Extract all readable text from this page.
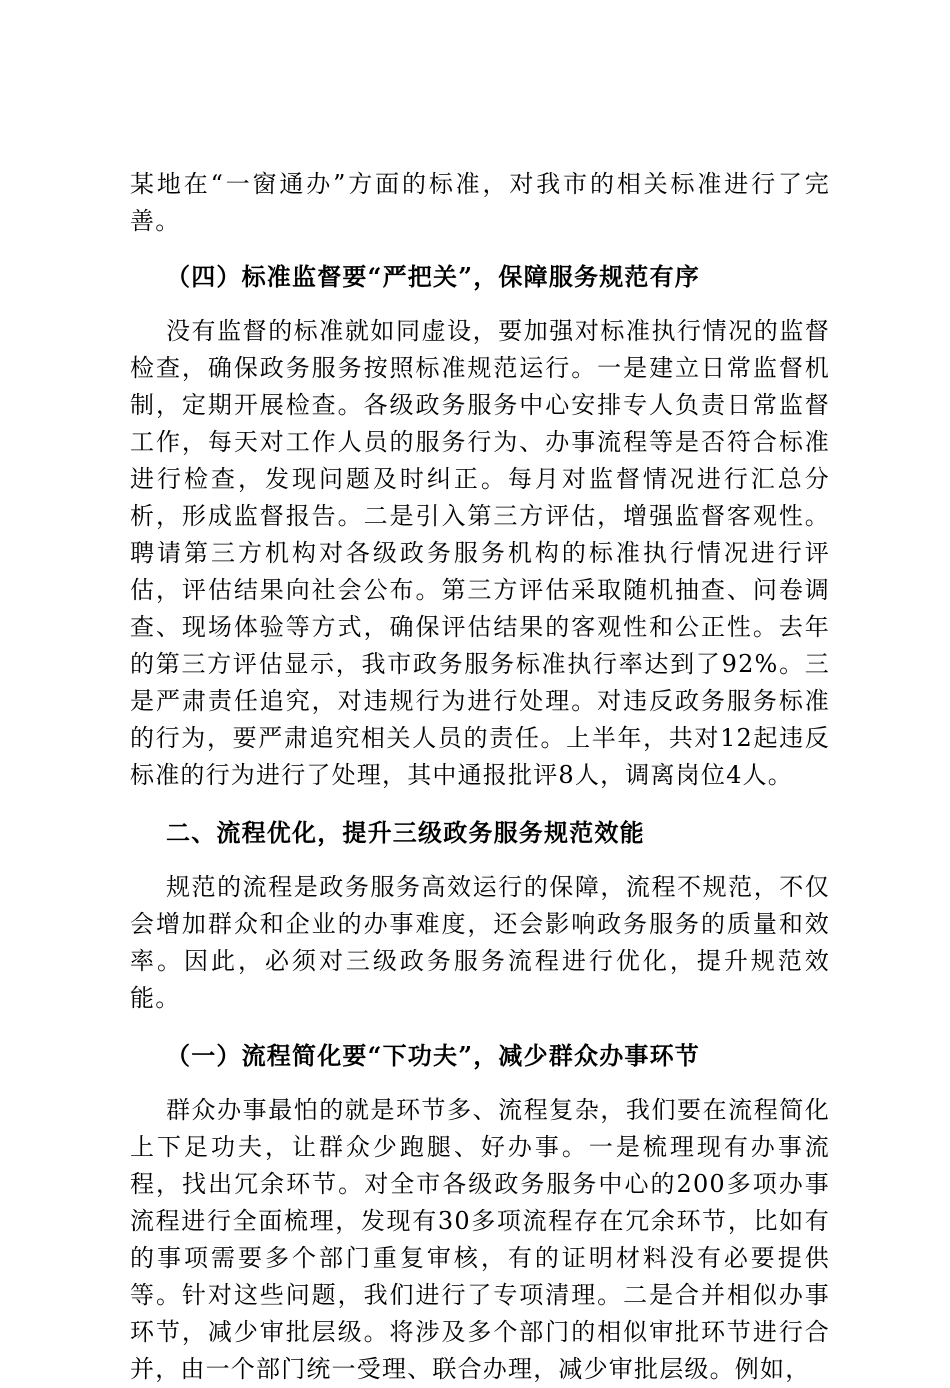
某地在“一窗通办”方面的标准，对我市的相关标准进行了完善。

（四）标准监督要“严把关”，保障服务规范有序

没有监督的标准就如同虚设，要加强对标准执行情况的监督检查，确保政务服务按照标准规范运行。一是建立日常监督机制，定期开展检查。各级政务服务中心安排专人负责日常监督工作，每天对工作人员的服务行为、办事流程等是否符合标准进行检查，发现问题及时纠正。每月对监督情况进行汇总分析，形成监督报告。二是引入第三方评估，增强监督客观性。聘请第三方机构对各级政务服务机构的标准执行情况进行评估，评估结果向社会公布。第三方评估采取随机抽查、问卷调查、现场体验等方式，确保评估结果的客观性和公正性。去年的第三方评估显示，我市政务服务标准执行率达到了92%。三是严肃责任追究，对违规行为进行处理。对违反政务服务标准的行为，要严肃追究相关人员的责任。上半年，共对12起违反标准的行为进行了处理，其中通报批评8人，调离岗位4人。

二、流程优化，提升三级政务服务规范效能

规范的流程是政务服务高效运行的保障，流程不规范，不仅会增加群众和企业的办事难度，还会影响政务服务的质量和效率。因此，必须对三级政务服务流程进行优化，提升规范效能。

（一）流程简化要“下功夫”，减少群众办事环节

群众办事最怕的就是环节多、流程复杂，我们要在流程简化上下足功夫，让群众少跑腿、好办事。一是梳理现有办事流程，找出冗余环节。对全市各级政务服务中心的200多项办事流程进行全面梳理，发现有30多项流程存在冗余环节，比如有的事项需要多个部门重复审核，有的证明材料没有必要提供等。针对这些问题，我们进行了专项清理。二是合并相似办事环节，减少审批层级。将涉及多个部门的相似审批环节进行合并，由一个部门统一受理、联合办理，减少审批层级。例如，
